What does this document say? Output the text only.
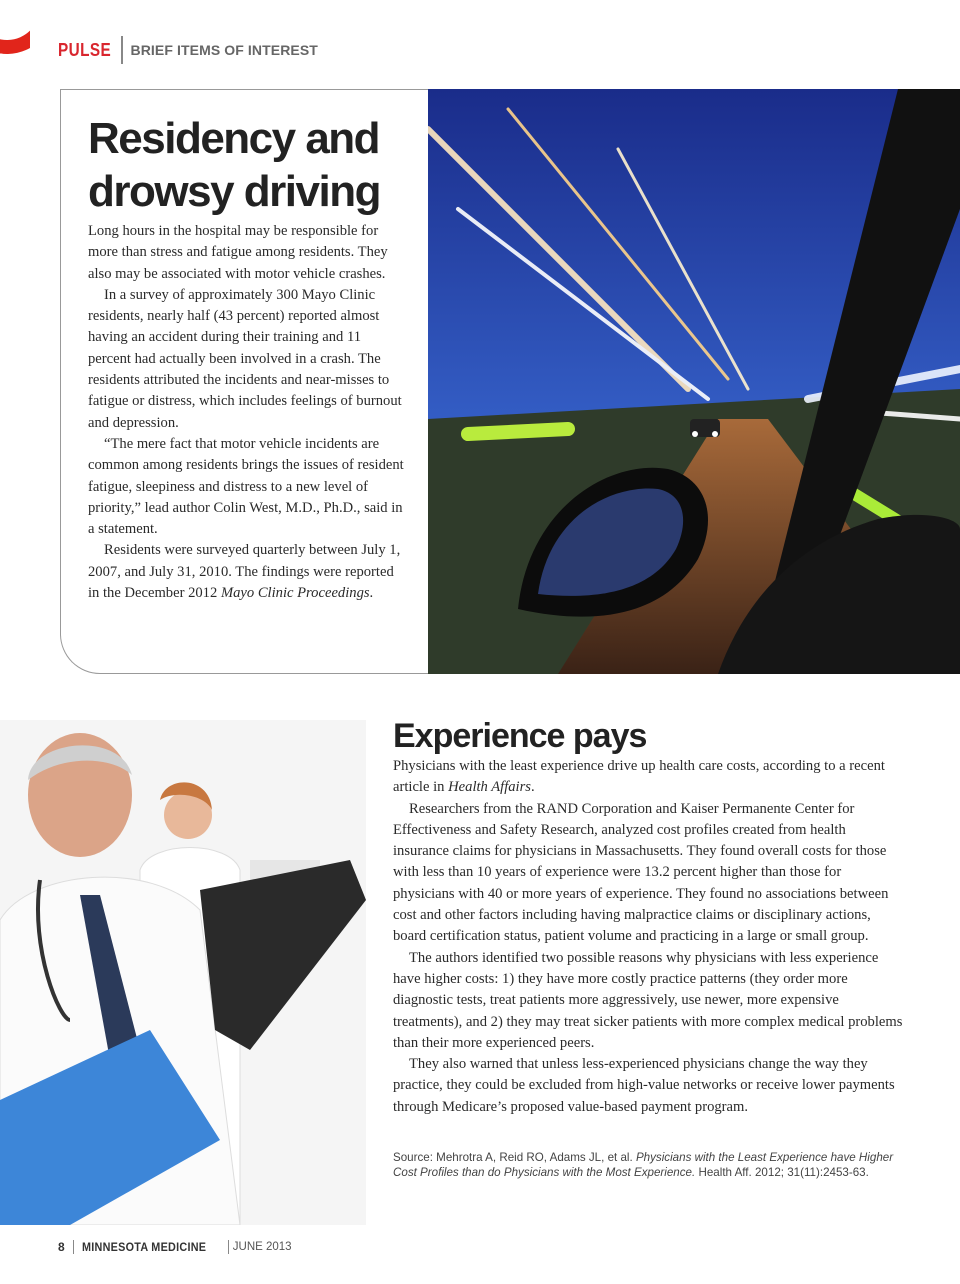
PULSE BRIEF ITEMS OF INTEREST
Residency and drowsy driving

Long hours in the hospital may be responsible for more than stress and fatigue among residents. They also may be associated with motor vehicle crashes.

In a survey of approximately 300 Mayo Clinic residents, nearly half (43 percent) reported almost having an accident during their training and 11 percent had actually been involved in a crash. The residents attributed the incidents and near-misses to fatigue or distress, which includes feelings of burnout and depression.

“The mere fact that motor vehicle incidents are common among residents brings the issues of resident fatigue, sleepiness and distress to a new level of priority,” lead author Colin West, M.D., Ph.D., said in a statement.

Residents were surveyed quarterly between July 1, 2007, and July 31, 2010. The findings were reported in the December 2012 Mayo Clinic Proceedings.

Experience pays

Physicians with the least experience drive up health care costs, according to a recent article in Health Affairs.

Researchers from the RAND Corporation and Kaiser Permanente Center for Effectiveness and Safety Research, analyzed cost profiles created from health insurance claims for physicians in Massachusetts. They found overall costs for those with less than 10 years of experience were 13.2 percent higher than those for physicians with 40 or more years of experience. They found no associations between cost and other factors including having malpractice claims or disciplinary actions, board certification status, patient volume and practicing in a large or small group.

The authors identified two possible reasons why physicians with less experience have higher costs: 1) they have more costly practice patterns (they order more diagnostic tests, treat patients more aggressively, use newer, more expensive treatments), and 2) they may treat sicker patients with more complex medical problems than their more experienced peers.

They also warned that unless less-experienced physicians change the way they practice, they could be excluded from high-value networks or receive lower payments through Medicare’s proposed value-based payment program.

Source: Mehrotra A, Reid RO, Adams JL, et al. Physicians with the Least Experience have Higher Cost Profiles than do Physicians with the Most Experience. Health Aff. 2012; 31(11):2453-63.
8 MINNESOTA MEDICINE JUNE 2013
